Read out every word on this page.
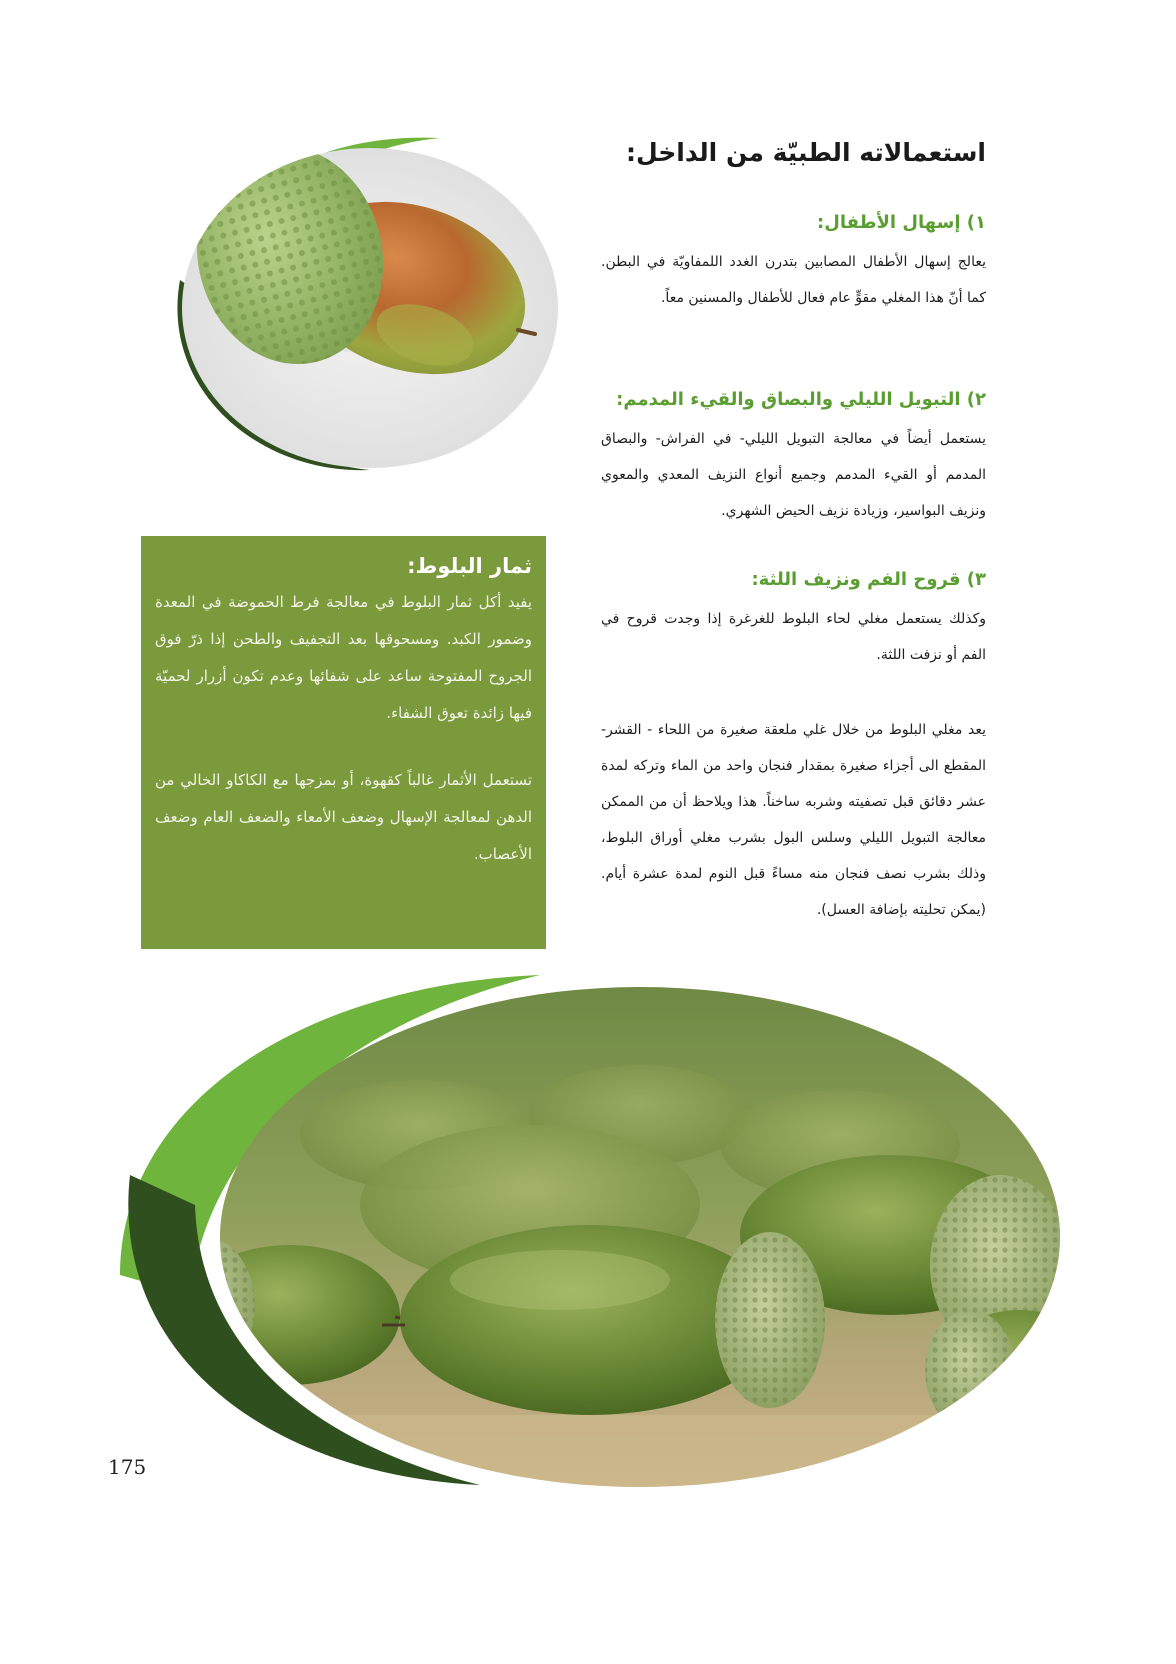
استعمالاته الطبيّة من الداخل:
١) إسهال الأطفال:

يعالج إسهال الأطفال المصابين بتدرن الغدد اللمفاويّة في البطن. كما أنّ هذا المغلي مقوٍّ عام فعال للأطفال والمسنين معاً.

٢) التبويل الليلي والبصاق والقيء المدمم:

يستعمل أيضاً في معالجة التبويل الليلي- في الفراش- والبصاق المدمم أو القيء المدمم وجميع أنواع النزيف المعدي والمعوي ونزيف البواسير، وزيادة نزيف الحيض الشهري.

٣) قروح الفم ونزيف اللثة:

وكذلك يستعمل مغلي لحاء البلوط للغرغرة إذا وجدت قروح في الفم أو نزفت اللثة.

يعد مغلي البلوط من خلال غلي ملعقة صغيرة من اللحاء - القشر- المقطع الى أجزاء صغيرة بمقدار فنجان واحد من الماء وتركه لمدة عشر دقائق قبل تصفيته وشربه ساخناً. هذا ويلاحظ أن من الممكن معالجة التبويل الليلي وسلس البول بشرب مغلي أوراق البلوط، وذلك بشرب نصف فنجان منه مساءً قبل النوم لمدة عشرة أيام. (يمكن تحليته بإضافة العسل).

ثمار البلوط:

يفيد أكل ثمار البلوط في معالجة فرط الحموضة في المعدة وضمور الكبد. ومسحوقها بعد التجفيف والطحن إذا ذرّ فوق الجروح المفتوحة ساعد على شفائها وعدم تكون أزرار لحميّة فيها زائدة تعوق الشفاء.

تستعمل الأثمار غالباً كقهوة، أو بمزجها مع الكاكاو الخالي من الدهن لمعالجة الإسهال وضعف الأمعاء والضعف العام وضعف الأعصاب.

175
